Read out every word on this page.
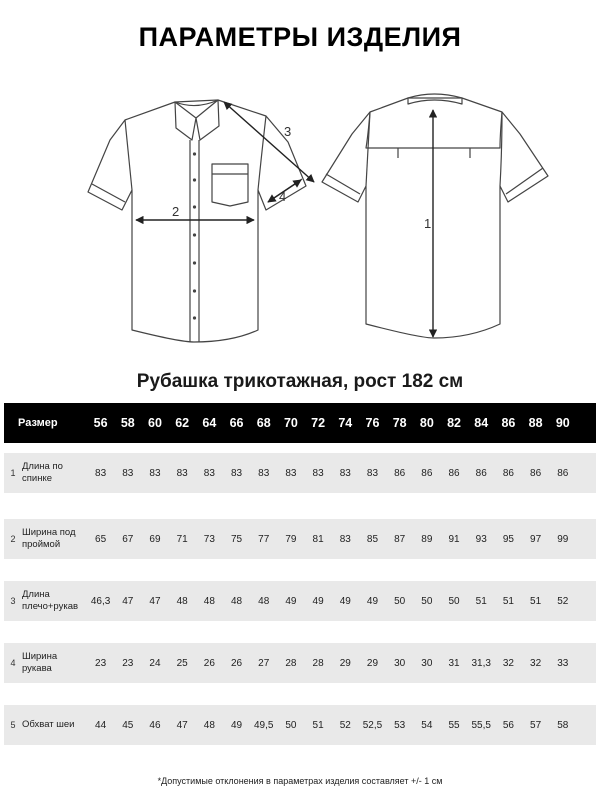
ПАРАМЕТРЫ ИЗДЕЛИЯ
2
3
4
1
Рубашка трикотажная, рост 182 см
Размер	56	58	60	62	64	66	68	70	72	74	76	78	80	82	84	86	88	90
1
Длина по
спинке	83	83	83	83	83	83	83	83	83	83	83	86	86	86	86	86	86	86
2
Ширина под
проймой	65	67	69	71	73	75	77	79	81	83	85	87	89	91	93	95	97	99
3
Длина
плечо+рукав	46,3	47	47	48	48	48	48	49	49	49	49	50	50	50	51	51	51	52
4
Ширина
рукава	23	23	24	25	26	26	27	28	28	29	29	30	30	31	31,3	32	32	33
5 Обхват шеи	44	45	46	47	48	49	49,5	50	51	52	52,5	53	54	55	55,5	56	57	58
*Допустимые отклонения в параметрах изделия составляет +/- 1 см
